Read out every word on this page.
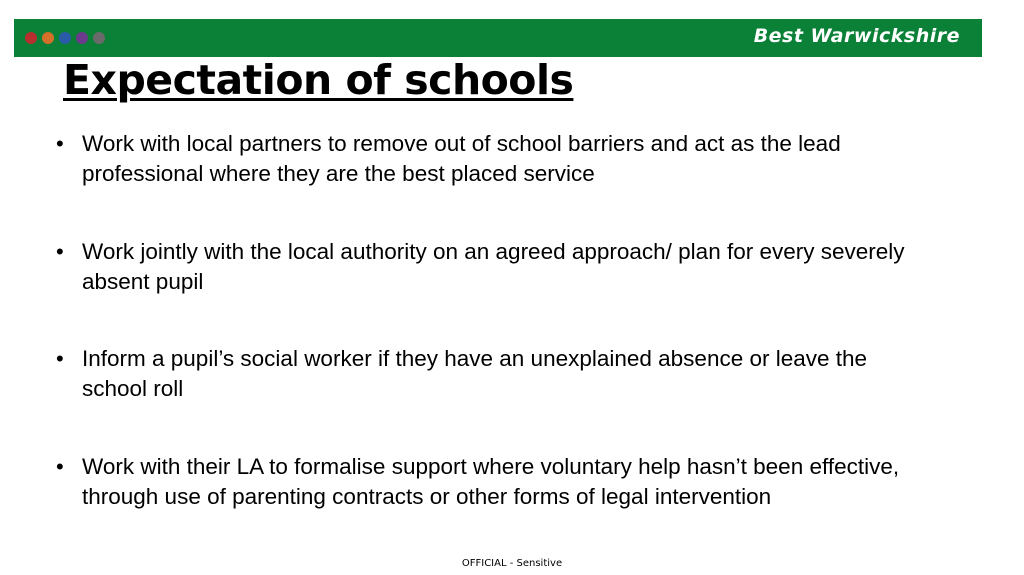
Best Warwickshire
Expectation of schools
• Work with local partners to remove out of school barriers and act as the lead professional where they are the best placed service
• Work jointly with the local authority on an agreed approach/ plan for every severely absent pupil
• Inform a pupil’s social worker if they have an unexplained absence or leave the school roll
• Work with their LA to formalise support where voluntary help hasn’t been effective, through use of parenting contracts or other forms of legal intervention
OFFICIAL - Sensitive
